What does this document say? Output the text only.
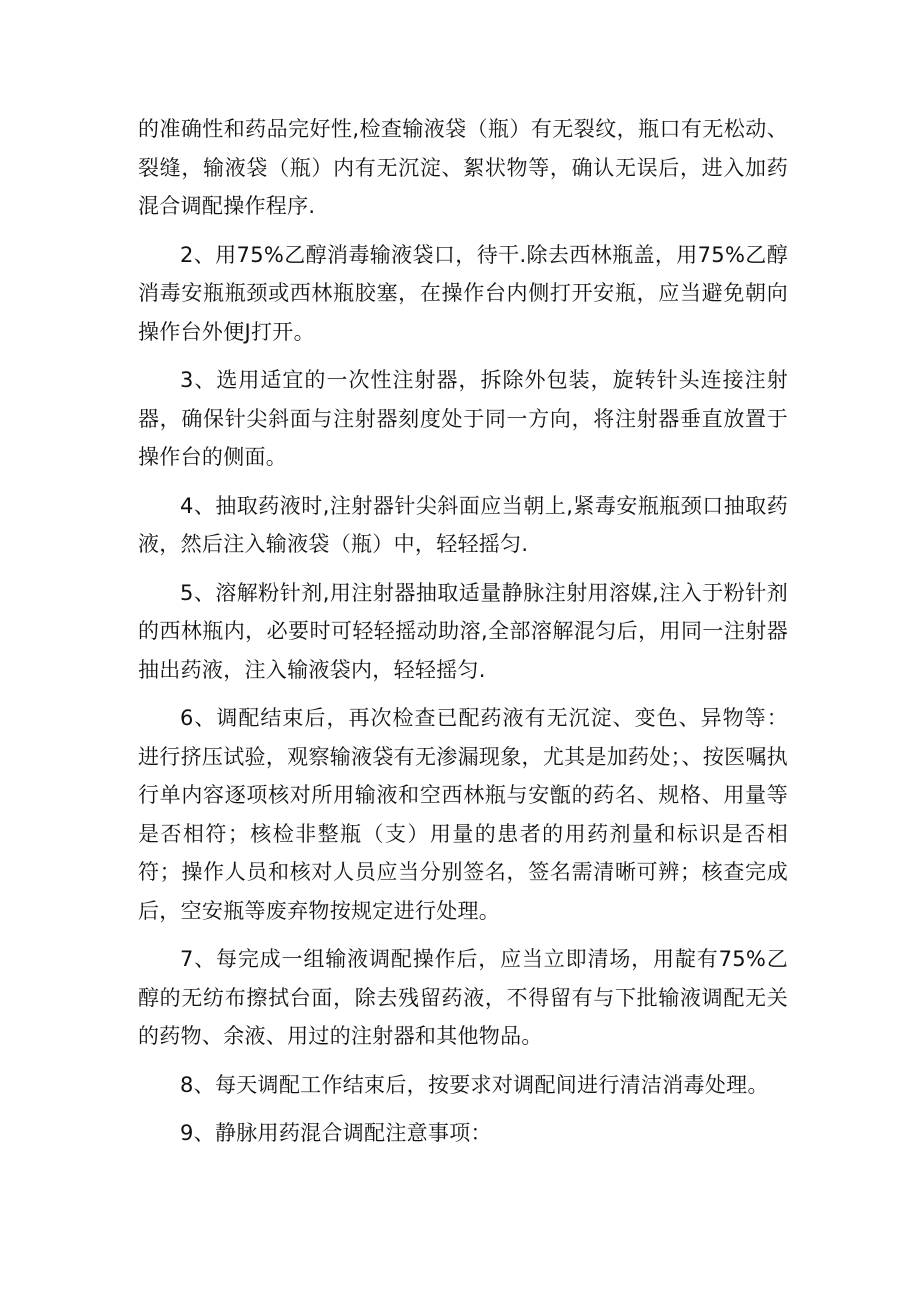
的准确性和药品完好性,检查输液袋（瓶）有无裂纹，瓶口有无松动、裂缝，输液袋（瓶）内有无沉淀、絮状物等，确认无误后，进入加药混合调配操作程序.

2、用75%乙醇消毒输液袋口，待干.除去西林瓶盖，用75%乙醇消毒安瓶瓶颈或西林瓶胶塞，在操作台内侧打开安瓶，应当避免朝向操作台外便J打开。

3、选用适宜的一次性注射器，拆除外包装，旋转针头连接注射器，确保针尖斜面与注射器刻度处于同一方向，将注射器垂直放置于操作台的侧面。

4、抽取药液时,注射器针尖斜面应当朝上,紧毒安瓶瓶颈口抽取药液，然后注入输液袋（瓶）中，轻轻摇匀.

5、溶解粉针剂,用注射器抽取适量静脉注射用溶媒,注入于粉针剂的西林瓶内，必要时可轻轻摇动助溶,全部溶解混匀后，用同一注射器抽出药液，注入输液袋内，轻轻摇匀.

6、调配结束后，再次检查已配药液有无沉淀、变色、异物等：进行挤压试验，观察输液袋有无渗漏现象，尤其是加药处；、按医嘱执行单内容逐项核对所用输液和空西林瓶与安甑的药名、规格、用量等是否相符；核检非整瓶（支）用量的患者的用药剂量和标识是否相符；操作人员和核对人员应当分别签名，签名需清晰可辨；核查完成后，空安瓶等废弃物按规定进行处理。

7、每完成一组输液调配操作后，应当立即清场，用靛有75%乙醇的无纺布擦拭台面，除去残留药液，不得留有与下批输液调配无关的药物、余液、用过的注射器和其他物品。

8、每天调配工作结束后，按要求对调配间进行清洁消毒处理。

9、静脉用药混合调配注意事项：
